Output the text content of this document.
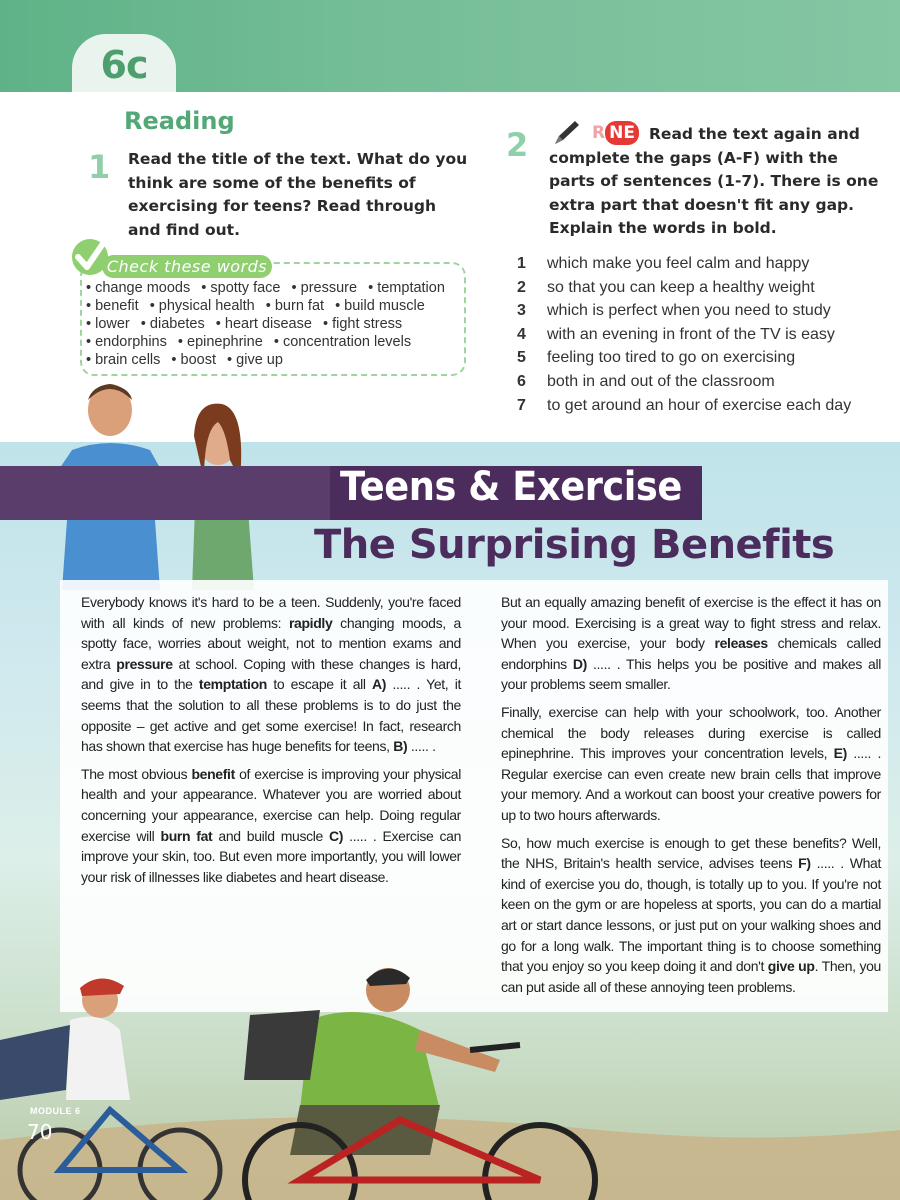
6c
Reading
1 Read the title of the text. What do you think are some of the benefits of exercising for teens? Read through and find out.
Check these words
• change moods • spotty face • pressure • temptation • benefit • physical health • burn fat • build muscle • lower • diabetes • heart disease • fight stress • endorphins • epinephrine • concentration levels • brain cells • boost • give up
2	R NE Read the text again and complete the gaps (A-F) with the parts of sentences (1-7). There is one extra part that doesn't fit any gap. Explain the words in bold.
1	which make you feel calm and happy
2	so that you can keep a healthy weight
3	which is perfect when you need to study
4	with an evening in front of the TV is easy
5	feeling too tired to go on exercising
6	both in and out of the classroom
7	to get around an hour of exercise each day
Teens & Exercise
The Surprising Benefits

Everybody knows it's hard to be a teen. Suddenly, you're faced with all kinds of new problems: rapidly changing moods, a spotty face, worries about weight, not to mention exams and extra pressure at school. Coping with these changes is hard, and give in to the temptation to escape it all A) ..... . Yet, it seems that the solution to all these problems is to do just the opposite – get active and get some exercise! In fact, research has shown that exercise has huge benefits for teens, B) ..... .

The most obvious benefit of exercise is improving your physical health and your appearance. Whatever you are worried about concerning your appearance, exercise can help. Doing regular exercise will burn fat and build muscle C) ..... . Exercise can improve your skin, too. But even more importantly, you will lower your risk of illnesses like diabetes and heart disease.

But an equally amazing benefit of exercise is the effect it has on your mood. Exercising is a great way to fight stress and relax. When you exercise, your body releases chemicals called endorphins D) ..... . This helps you be positive and makes all your problems seem smaller.

Finally, exercise can help with your schoolwork, too. Another chemical the body releases during exercise is called epinephrine. This improves your concentration levels, E) ..... . Regular exercise can even create new brain cells that improve your memory. And a workout can boost your creative powers for up to two hours afterwards.

So, how much exercise is enough to get these benefits? Well, the NHS, Britain's health service, advises teens F) ..... . What kind of exercise you do, though, is totally up to you. If you're not keen on the gym or are hopeless at sports, you can do a martial art or start dance lessons, or just put on your walking shoes and go for a long walk. The important thing is to choose something that you enjoy so you keep doing it and don't give up. Then, you can put aside all of these annoying teen problems.

MODULE 6
70
